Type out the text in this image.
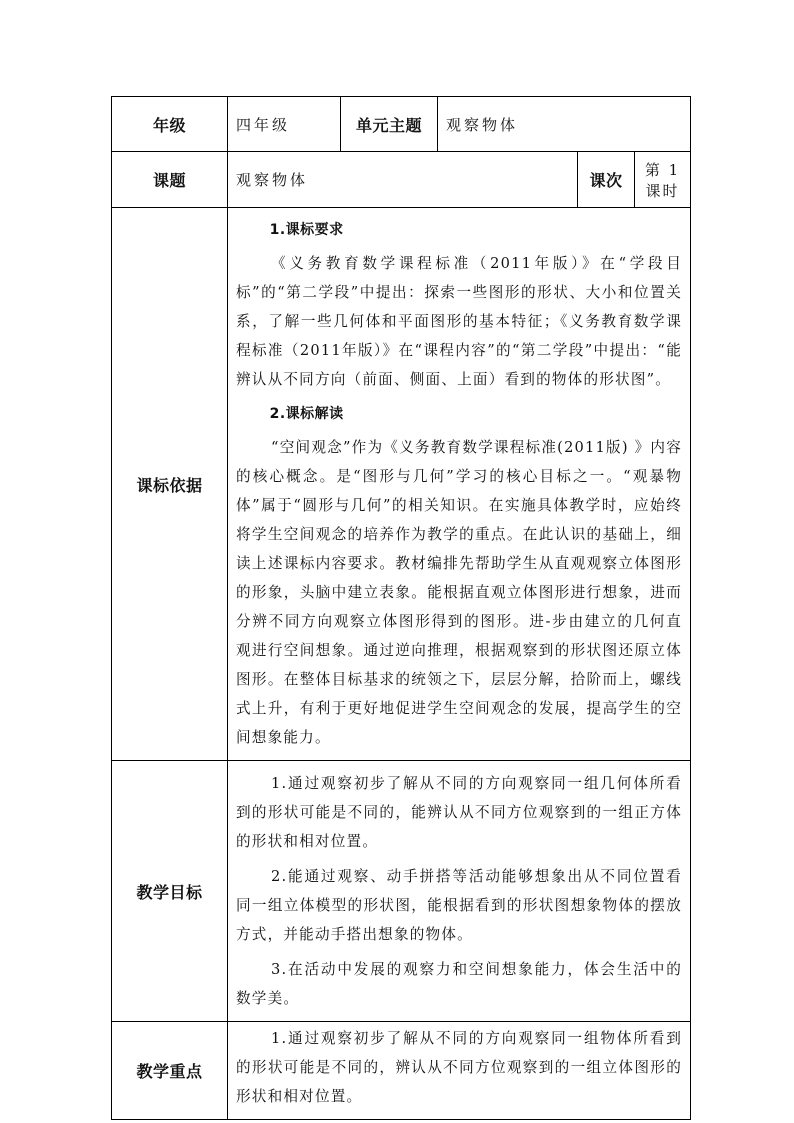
年级	四年级	单元主题	观察物体		
课题	观察物体			课次	第 1 课时
课标依据	1.课标要求

《义务教育数学课程标准（2011年版）》在“学段目标”的“第二学段”中提出：探索一些图形的形状、大小和位置关系，了解一些几何体和平面图形的基本特征；《义务教育数学课程标准（2011年版）》在“课程内容”的“第二学段”中提出：“能辨认从不同方向（前面、侧面、上面）看到的物体的形状图”。

2.课标解读

“空间观念”作为《义务教育数学课程标准(2011版) 》内容的核心概念。是“图形与几何”学习的核心目标之一。“观暴物体”属于“圆形与几何”的相关知识。在实施具体教学时，应始终将学生空间观念的培养作为教学的重点。在此认识的基础上，细读上述课标内容要求。教材编排先帮助学生从直观观察立体图形的形象，头脑中建立表象。能根据直观立体图形进行想象，进而分辨不同方向观察立体图形得到的图形。进-步由建立的几何直观进行空间想象。通过逆向推理，根据观察到的形状图还原立体图形。在整体目标基求的统领之下，层层分解，拾阶而上，螺线式上升，有利于更好地促进学生空间观念的发展，提高学生的空间想象能力。				

教学目标	1.通过观察初步了解从不同的方向观察同一组几何体所看到的形状可能是不同的，能辨认从不同方位观察到的一组正方体的形状和相对位置。

2.能通过观察、动手拼搭等活动能够想象出从不同位置看同一组立体模型的形状图，能根据看到的形状图想象物体的摆放方式，并能动手搭出想象的物体。

3.在活动中发展的观察力和空间想象能力，体会生活中的数学美。				

教学重点	1.通过观察初步了解从不同的方向观察同一组物体所看到的形状可能是不同的，辨认从不同方位观察到的一组立体图形的形状和相对位置。				
